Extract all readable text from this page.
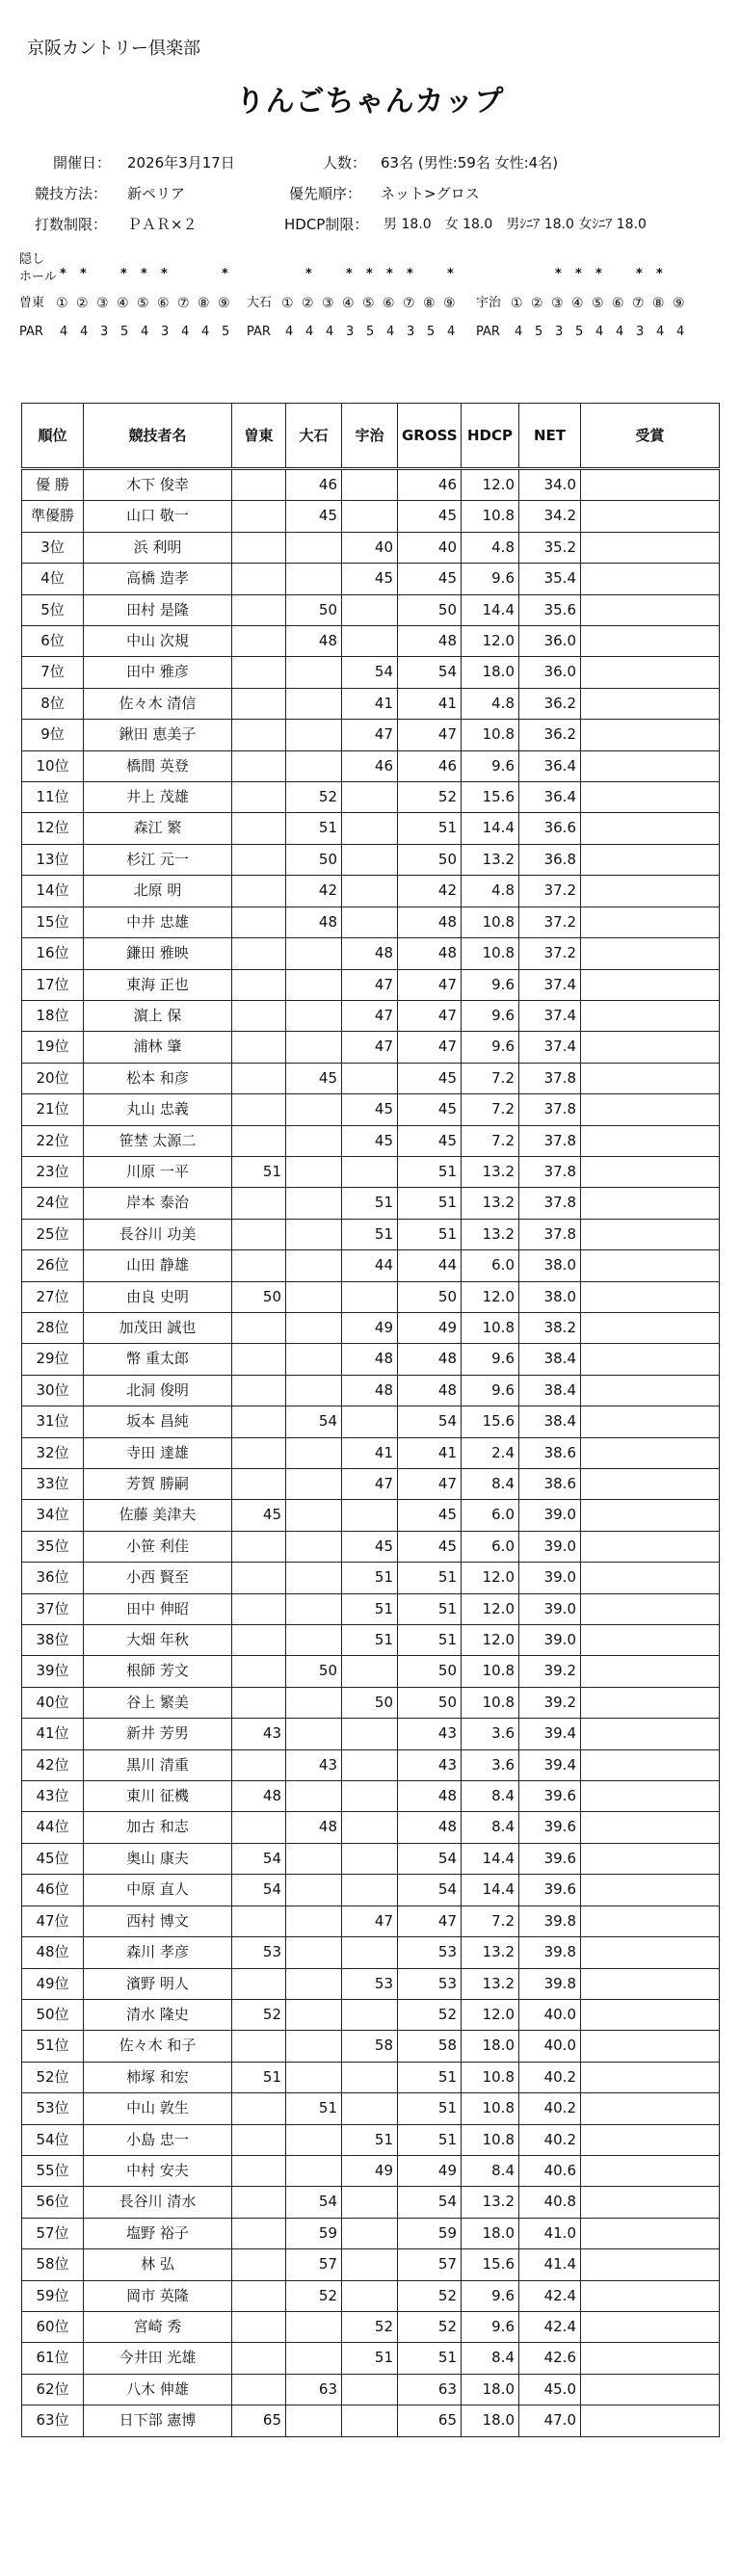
京阪カントリー倶楽部
りんごちゃんカップ
開催日： 2026年3月17日	人数： 63名 (男性:59名 女性:4名)
競技方法： 新ペリア	優先順序： ネット>グロス
打数制限： ＰＡＲ×２	HDCP制限： 男 18.0　女 18.0　男ｼﾆｱ 18.0 女ｼﾆｱ 18.0
隠し
ホール * *	* * *	*	*	* * * *	*	* * *	* *
曽東 ① ② ③ ④ ⑤ ⑥ ⑦ ⑧ ⑨ 大石 ① ② ③ ④ ⑤ ⑥ ⑦ ⑧ ⑨ 宇治 ① ② ③ ④ ⑤ ⑥ ⑦ ⑧ ⑨
PAR 4 4 3 5 4 3 4 4 5 PAR 4 4 4 3 5 4 3 5 4 PAR 4 5 3 5 4 4 3 4 4
順位	競技者名	曽東	大石	宇治	GROSS	HDCP	NET	受賞
優 勝	木下 俊幸		46		46	12.0	34.0	
準優勝	山口 敬一		45		45	10.8	34.2	
3位	浜 利明			40	40	4.8	35.2	
4位	高橋 造孝			45	45	9.6	35.4	
5位	田村 是隆		50		50	14.4	35.6	
6位	中山 次規		48		48	12.0	36.0	
7位	田中 雅彦			54	54	18.0	36.0	
8位	佐々木 清信			41	41	4.8	36.2	
9位	鍬田 恵美子			47	47	10.8	36.2	
10位	橋間 英登			46	46	9.6	36.4	
11位	井上 茂雄		52		52	15.6	36.4	
12位	森江 繁		51		51	14.4	36.6	
13位	杉江 元一		50		50	13.2	36.8	
14位	北原 明		42		42	4.8	37.2	
15位	中井 忠雄		48		48	10.8	37.2	
16位	鎌田 雅映			48	48	10.8	37.2	
17位	東海 正也			47	47	9.6	37.4	
18位	濵上 保			47	47	9.6	37.4	
19位	浦林 肇			47	47	9.6	37.4	
20位	松本 和彦		45		45	7.2	37.8	
21位	丸山 忠義			45	45	7.2	37.8	
22位	笹埜 太源二			45	45	7.2	37.8	
23位	川原 一平	51			51	13.2	37.8	
24位	岸本 泰治			51	51	13.2	37.8	
25位	長谷川 功美			51	51	13.2	37.8	
26位	山田 静雄			44	44	6.0	38.0	
27位	由良 史明	50			50	12.0	38.0	
28位	加茂田 誠也			49	49	10.8	38.2	
29位	幣 重太郎			48	48	9.6	38.4	
30位	北洞 俊明			48	48	9.6	38.4	
31位	坂本 昌純		54		54	15.6	38.4	
32位	寺田 達雄			41	41	2.4	38.6	
33位	芳賀 勝嗣			47	47	8.4	38.6	
34位	佐藤 美津夫	45			45	6.0	39.0	
35位	小笹 利佳			45	45	6.0	39.0	
36位	小西 賢至			51	51	12.0	39.0	
37位	田中 伸昭			51	51	12.0	39.0	
38位	大畑 年秋			51	51	12.0	39.0	
39位	根師 芳文		50		50	10.8	39.2	
40位	谷上 繁美			50	50	10.8	39.2	
41位	新井 芳男	43			43	3.6	39.4	
42位	黒川 清重		43		43	3.6	39.4	
43位	東川 征機	48			48	8.4	39.6	
44位	加古 和志		48		48	8.4	39.6	
45位	奥山 康夫	54			54	14.4	39.6	
46位	中原 直人	54			54	14.4	39.6	
47位	西村 博文			47	47	7.2	39.8	
48位	森川 孝彦	53			53	13.2	39.8	
49位	濱野 明人			53	53	13.2	39.8	
50位	清水 隆史	52			52	12.0	40.0	
51位	佐々木 和子			58	58	18.0	40.0	
52位	柿塚 和宏	51			51	10.8	40.2	
53位	中山 敦生		51		51	10.8	40.2	
54位	小島 忠一			51	51	10.8	40.2	
55位	中村 安夫			49	49	8.4	40.6	
56位	長谷川 清水		54		54	13.2	40.8	
57位	塩野 裕子		59		59	18.0	41.0	
58位	林 弘		57		57	15.6	41.4	
59位	岡市 英隆		52		52	9.6	42.4	
60位	宮崎 秀			52	52	9.6	42.4	
61位	今井田 光雄			51	51	8.4	42.6	
62位	八木 伸雄		63		63	18.0	45.0	
63位	日下部 憲博	65			65	18.0	47.0	
